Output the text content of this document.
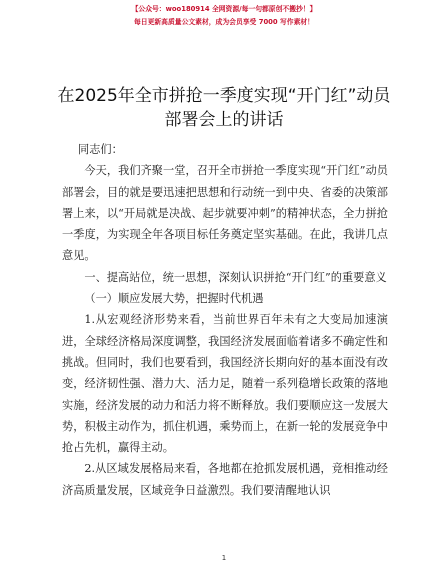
【公众号：woo180914 全网资源/每一句都原创不搬抄！】
每日更新高质量公文素材，成为会员享受 7000 写作素材！
在2025年全市拼抢一季度实现“开门红”动员
部署会上的讲话

同志们：

今天，我们齐聚一堂，召开全市拼抢一季度实现“开门红”动员部署会，目的就是要迅速把思想和行动统一到中央、省委的决策部署上来，以“开局就是决战、起步就要冲刺”的精神状态，全力拼抢一季度，为实现全年各项目标任务奠定坚实基础。在此，我讲几点意见。

一、提高站位，统一思想，深刻认识拼抢“开门红”的重要意义

（一）顺应发展大势，把握时代机遇

1.从宏观经济形势来看，当前世界百年未有之大变局加速演进，全球经济格局深度调整，我国经济发展面临着诸多不确定性和挑战。但同时，我们也要看到，我国经济长期向好的基本面没有改变，经济韧性强、潜力大、活力足，随着一系列稳增长政策的落地实施，经济发展的动力和活力将不断释放。我们要顺应这一发展大势，积极主动作为，抓住机遇，乘势而上，在新一轮的发展竞争中抢占先机，赢得主动。

2.从区域发展格局来看，各地都在抢抓发展机遇，竞相推动经济高质量发展，区域竞争日益激烈。我们要清醒地认识

1
